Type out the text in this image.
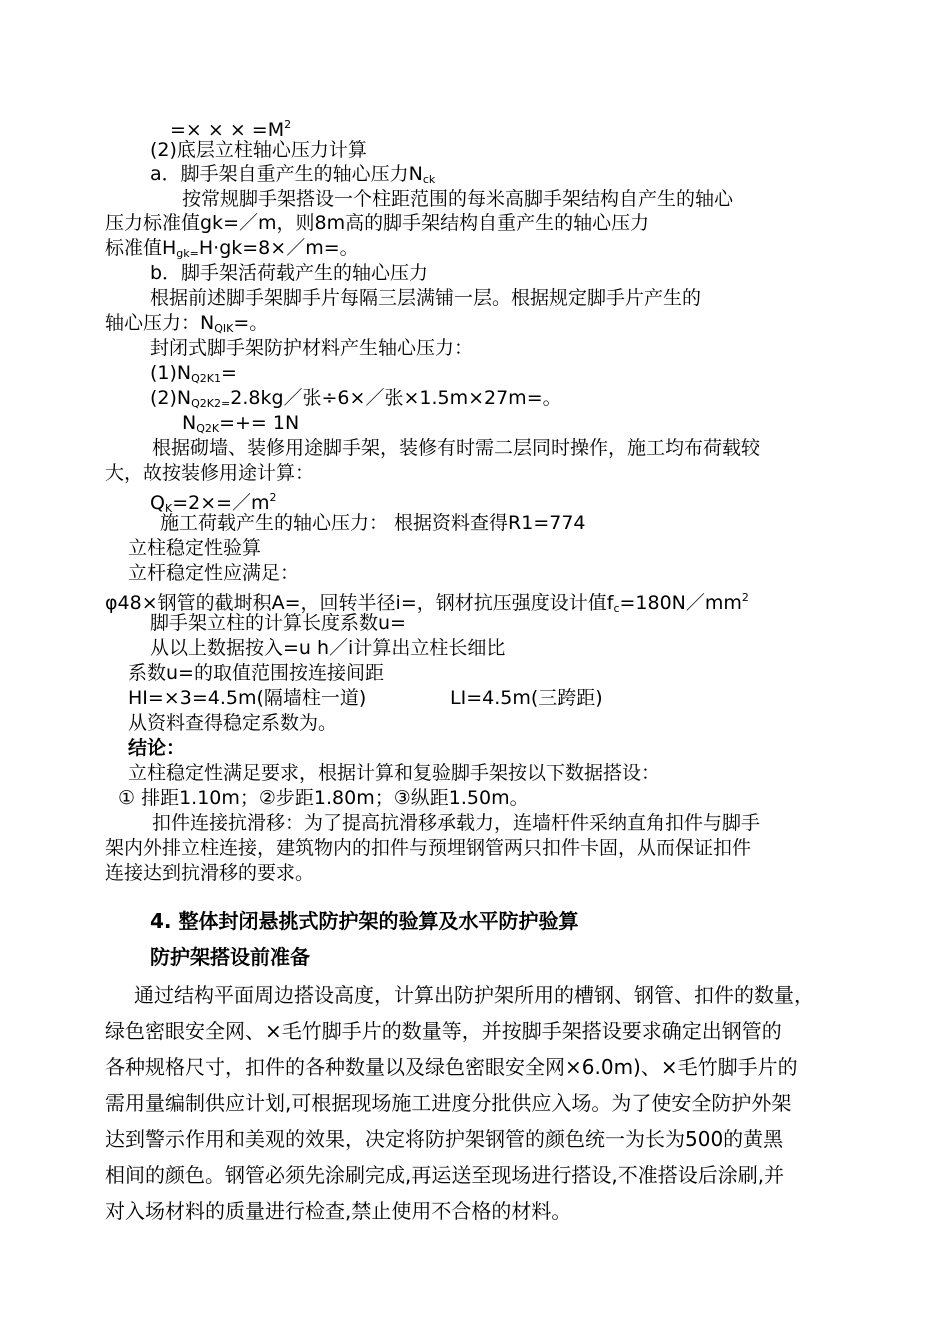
=× × × $=M^2$
(2)底层立柱轴心压力计算
a．脚手架自重产生的轴心压力$N_{ck}$
按常规脚手架搭设一个柱距范围的每米高脚手架结构自产生的轴心
压力标准值gk=／m，则8m高的脚手架结构自重产生的轴心压力
标准值$H_{gk=}H\cdot gk=8\times/m=$。
b．脚手架活荷载产生的轴心压力
根据前述脚手架脚手片每隔三层满铺一层。根据规定脚手片产生的
轴心压力：$N_{QIK}=$。
封闭式脚手架防护材料产生轴心压力：
$(1)N_{Q2K1}=$
$(2)N_{Q2K2=}2.8kg/$张÷6×／张×1.5m×27m=。
$N_{Q2K}=+= 1N$
根据砌墙、装修用途脚手架，装修有时需二层同时操作，施工均布荷载较
大，故按装修用途计算：
$Q_K=2\times=/m^2$
施工荷载产生的轴心压力： 根据资料查得R1=774
立柱稳定性验算
立杆稳定性应满足：
φ48×钢管的截埘积A=，回转半径i=，钢材抗压强度设计值$f_c=180N/mm^2$
脚手架立柱的计算长度系数u=
从以上数据按入=u h／i计算出立柱长细比
系数u=的取值范围按连接间距
HI=×3=4.5m(隔墙柱一道)	LI=4.5m(三跨距)
从资料查得稳定系数为。
结论：
立柱稳定性满足要求，根据计算和复验脚手架按以下数据搭设：
① 排距1.10m；②步距1.80m；③纵距1.50m。
扣件连接抗滑移：为了提高抗滑移承载力，连墙杆件采纳直角扣件与脚手
架内外排立柱连接，建筑物内的扣件与预埋钢管两只扣件卡固，从而保证扣件
连接达到抗滑移的要求。
4. 整体封闭悬挑式防护架的验算及水平防护验算
防护架搭设前准备
通过结构平面周边搭设高度，计算出防护架所用的槽钢、钢管、扣件的数量，
绿色密眼安全网、×毛竹脚手片的数量等，并按脚手架搭设要求确定出钢管的
各种规格尺寸，扣件的各种数量以及绿色密眼安全网×6.0m)、×毛竹脚手片的
需用量编制供应计划,可根据现场施工进度分批供应入场。为了使安全防护外架
达到警示作用和美观的效果，决定将防护架钢管的颜色统一为长为500的黄黑
相间的颜色。钢管必须先涂刷完成,再运送至现场进行搭设,不准搭设后涂刷,并
对入场材料的质量进行检查,禁止使用不合格的材料。
